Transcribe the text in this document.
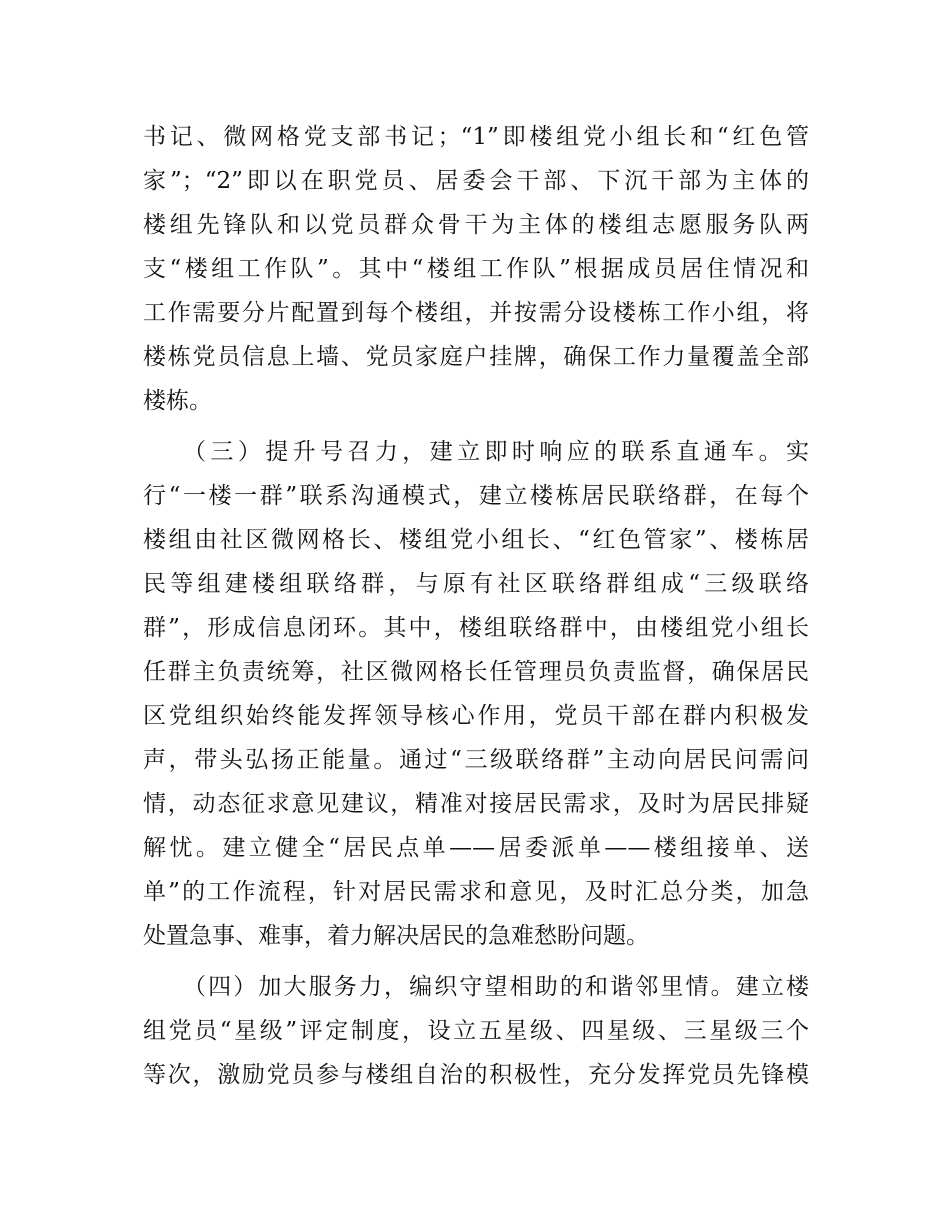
书记、微网格党支部书记；“1”即楼组党小组长和“红色管
家”；“2”即以在职党员、居委会干部、下沉干部为主体的
楼组先锋队和以党员群众骨干为主体的楼组志愿服务队两
支“楼组工作队”。其中“楼组工作队”根据成员居住情况和
工作需要分片配置到每个楼组，并按需分设楼栋工作小组，将
楼栋党员信息上墙、党员家庭户挂牌，确保工作力量覆盖全部
楼栋。
（三）提升号召力，建立即时响应的联系直通车。实
行“一楼一群”联系沟通模式，建立楼栋居民联络群，在每个
楼组由社区微网格长、楼组党小组长、“红色管家”、楼栋居
民等组建楼组联络群，与原有社区联络群组成“三级联络
群”，形成信息闭环。其中，楼组联络群中，由楼组党小组长
任群主负责统筹，社区微网格长任管理员负责监督，确保居民
区党组织始终能发挥领导核心作用，党员干部在群内积极发
声，带头弘扬正能量。通过“三级联络群”主动向居民问需问
情，动态征求意见建议，精准对接居民需求，及时为居民排疑
解忧。建立健全“居民点单——居委派单——楼组接单、送
单”的工作流程，针对居民需求和意见，及时汇总分类，加急
处置急事、难事，着力解决居民的急难愁盼问题。
（四）加大服务力，编织守望相助的和谐邻里情。建立楼
组党员“星级”评定制度，设立五星级、四星级、三星级三个
等次，激励党员参与楼组自治的积极性，充分发挥党员先锋模
